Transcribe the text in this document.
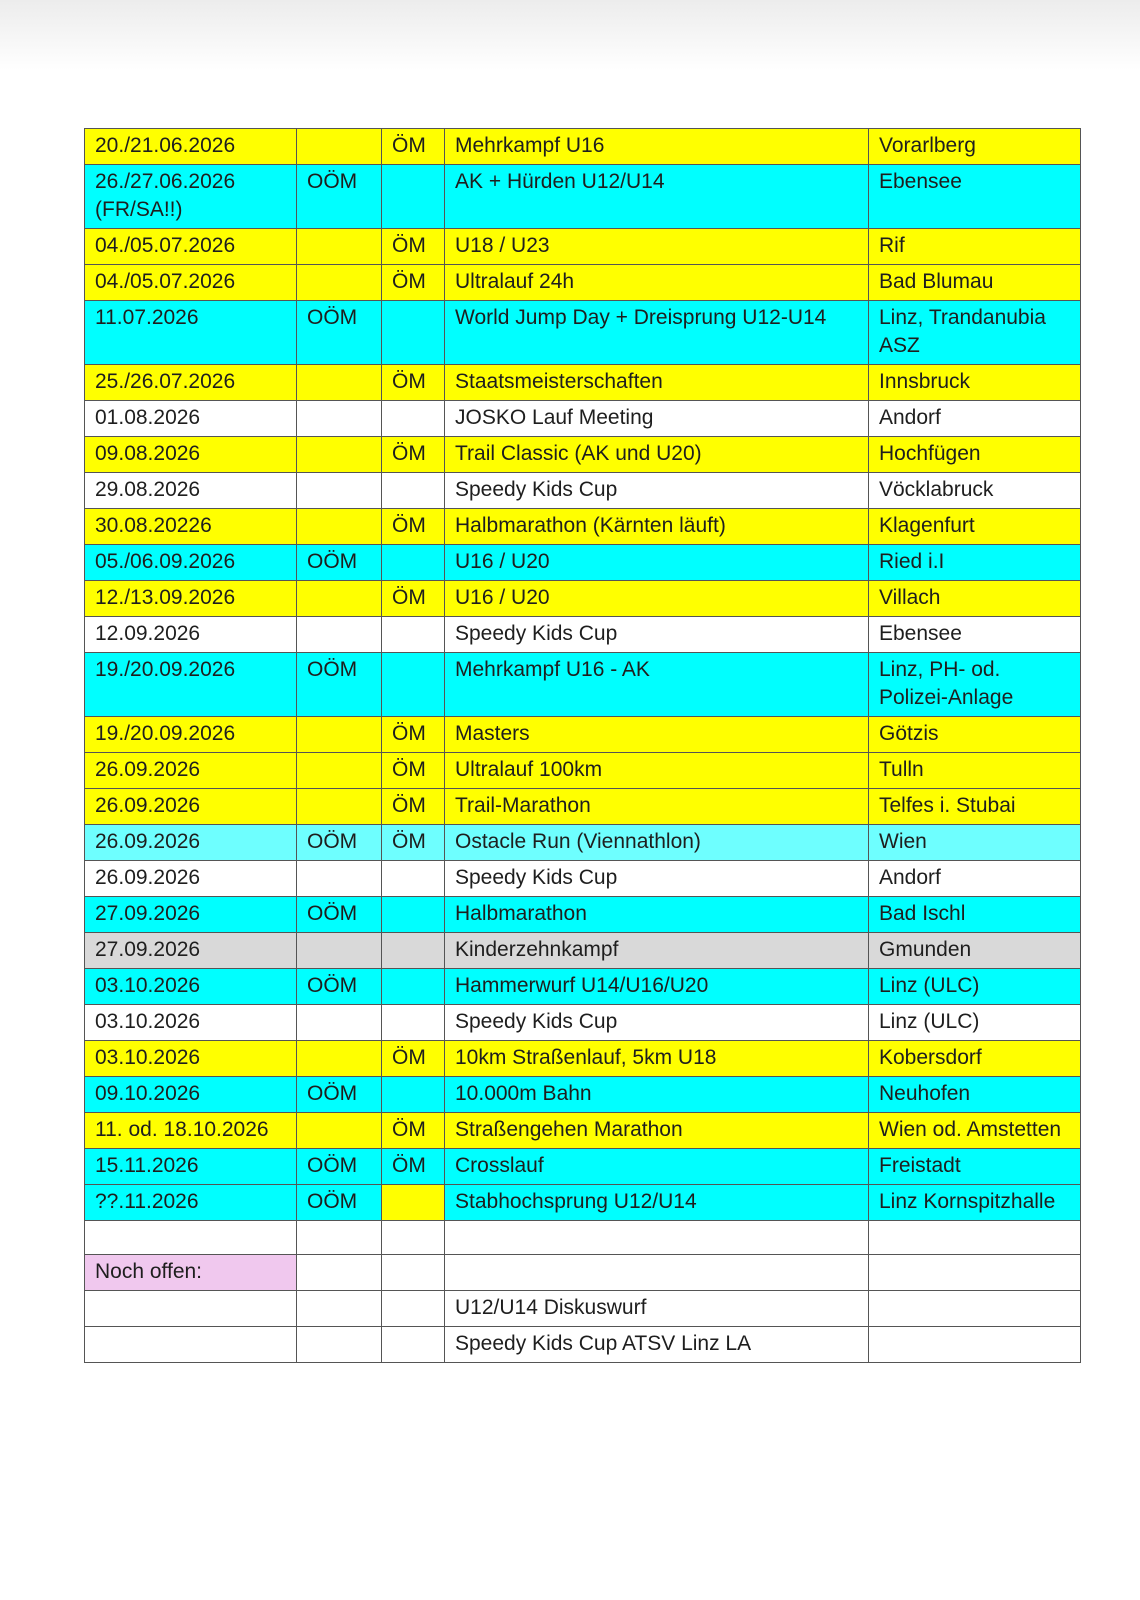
20./21.06.2026		ÖM	Mehrkampf U16	Vorarlberg
26./27.06.2026 (FR/SA!!)	OÖM		AK + Hürden U12/U14	Ebensee
04./05.07.2026		ÖM	U18 / U23	Rif
04./05.07.2026		ÖM	Ultralauf 24h	Bad Blumau
11.07.2026	OÖM		World Jump Day + Dreisprung U12-U14	Linz, Trandanubia ASZ
25./26.07.2026		ÖM	Staatsmeisterschaften	Innsbruck
01.08.2026			JOSKO Lauf Meeting	Andorf
09.08.2026		ÖM	Trail Classic (AK und U20)	Hochfügen
29.08.2026			Speedy Kids Cup	Vöcklabruck
30.08.20226		ÖM	Halbmarathon (Kärnten läuft)	Klagenfurt
05./06.09.2026	OÖM		U16 / U20	Ried i.I
12./13.09.2026		ÖM	U16 / U20	Villach
12.09.2026			Speedy Kids Cup	Ebensee
19./20.09.2026	OÖM		Mehrkampf U16 - AK	Linz, PH- od. Polizei-Anlage
19./20.09.2026		ÖM	Masters	Götzis
26.09.2026		ÖM	Ultralauf 100km	Tulln
26.09.2026		ÖM	Trail-Marathon	Telfes i. Stubai
26.09.2026	OÖM	ÖM	Ostacle Run (Viennathlon)	Wien
26.09.2026			Speedy Kids Cup	Andorf
27.09.2026	OÖM		Halbmarathon	Bad Ischl
27.09.2026			Kinderzehnkampf	Gmunden
03.10.2026	OÖM		Hammerwurf U14/U16/U20	Linz (ULC)
03.10.2026			Speedy Kids Cup	Linz (ULC)
03.10.2026		ÖM	10km Straßenlauf, 5km U18	Kobersdorf
09.10.2026	OÖM		10.000m Bahn	Neuhofen
11. od. 18.10.2026		ÖM	Straßengehen Marathon	Wien od. Amstetten
15.11.2026	OÖM	ÖM	Crosslauf	Freistadt
??.11.2026	OÖM		Stabhochsprung U12/U14	Linz Kornspitzhalle

Noch offen:				
			U12/U14 Diskuswurf	
			Speedy Kids Cup ATSV Linz LA	
